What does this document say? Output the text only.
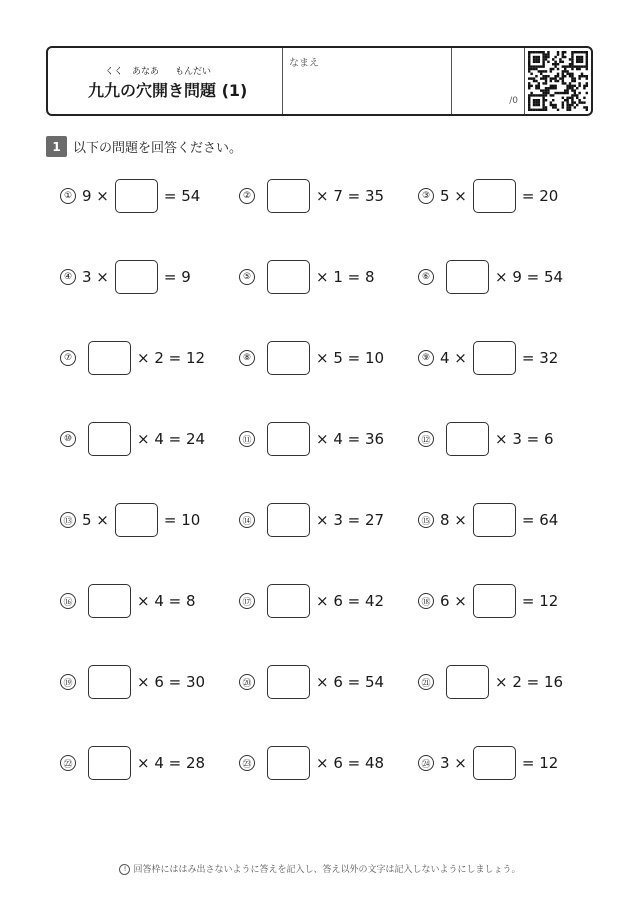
くく あなあ もんだい
九九の穴開き問題 (1)
なまえ
/0
1 以下の問題を回答ください。
① 9 ×	= 54	②	× 7 = 35	③ 5 ×	= 20
④ 3 ×	= 9	⑤	× 1 = 8	⑥	× 9 = 54
⑦	× 2 = 12	⑧	× 5 = 10	⑨ 4 ×	= 32
⑩	× 4 = 24	⑪	× 4 = 36	⑫	× 3 = 6
⑬ 5 ×	= 10	⑭	× 3 = 27	⑮ 8 ×	= 64
⑯	× 4 = 8	⑰	× 6 = 42	⑱ 6 ×	= 12
⑲	× 6 = 30	⑳	× 6 = 54	㉑	× 2 = 16
㉒	× 4 = 28	㉓	× 6 = 48	㉔ 3 ×	= 12
! 回答枠にははみ出さないように答えを記入し、答え以外の文字は記入しないようにしましょう。
